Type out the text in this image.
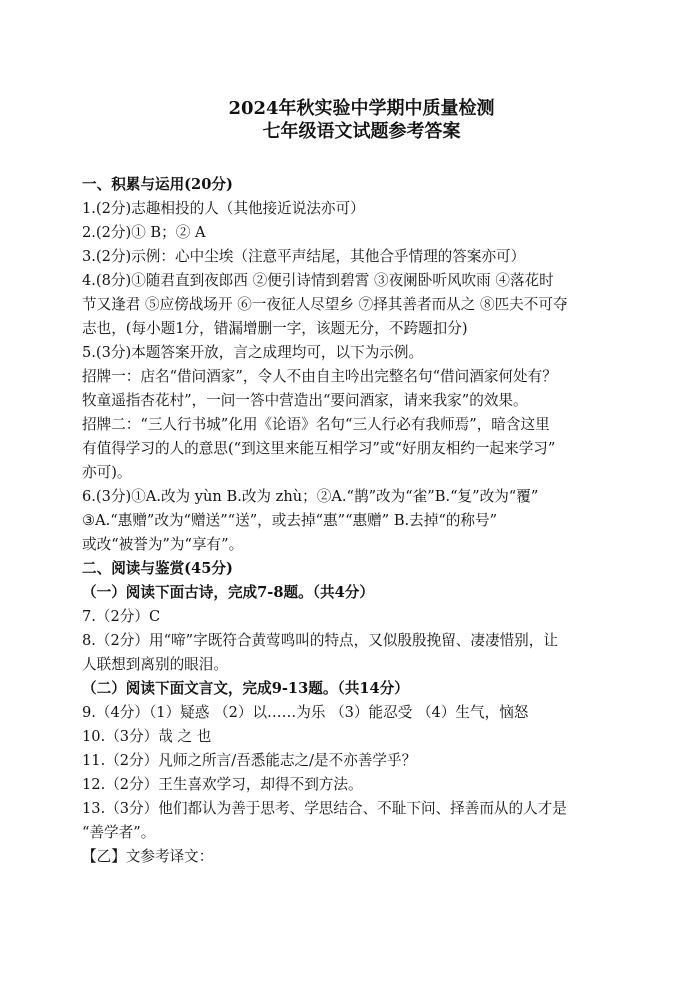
2024年秋实验中学期中质量检测
七年级语文试题参考答案
一、积累与运用(20分)
1.(2分)志趣相投的人（其他接近说法亦可）
2.(2分)① B；② A
3.(2分)示例：心中尘埃（注意平声结尾，其他合乎情理的答案亦可）
4.(8分)①随君直到夜郎西 ②便引诗情到碧霄 ③夜阑卧听风吹雨 ④落花时
节又逢君 ⑤应傍战场开 ⑥一夜征人尽望乡 ⑦择其善者而从之 ⑧匹夫不可夺
志也，(每小题1分，错漏增删一字，该题无分，不跨题扣分)
5.(3分)本题答案开放，言之成理均可，以下为示例。
招牌一：店名“借问酒家”，令人不由自主吟出完整名句“借问酒家何处有？
牧童遥指杏花村”，一问一答中营造出“要问酒家，请来我家”的效果。
招牌二：“三人行书城”化用《论语》名句“三人行必有我师焉”，暗含这里
有值得学习的人的意思(“到这里来能互相学习”或“好朋友相约一起来学习”
亦可)。
6.(3分)①A.改为 yùn B.改为 zhù；②A.“鹊”改为“雀”B.“复”改为“覆”
③A.“惠赠”改为“赠送”“送”，或去掉“惠”“惠赠” B.去掉“的称号”
或改“被誉为”为“享有”。
二、阅读与鉴赏(45分)
（一）阅读下面古诗，完成7-8题。（共4分）
7.（2分）C
8.（2分）用“啼”字既符合黄莺鸣叫的特点，又似殷殷挽留、凄凄惜别，让
人联想到离别的眼泪。
（二）阅读下面文言文，完成9-13题。（共14分）
9.（4分）（1）疑惑 （2）以……为乐 （3）能忍受 （4）生气，恼怒
10.（3分）哉 之 也
11.（2分）凡师之所言/吾悉能志之/是不亦善学乎？
12.（2分）王生喜欢学习，却得不到方法。
13.（3分）他们都认为善于思考、学思结合、不耻下问、择善而从的人才是
“善学者”。
【乙】文参考译文：
